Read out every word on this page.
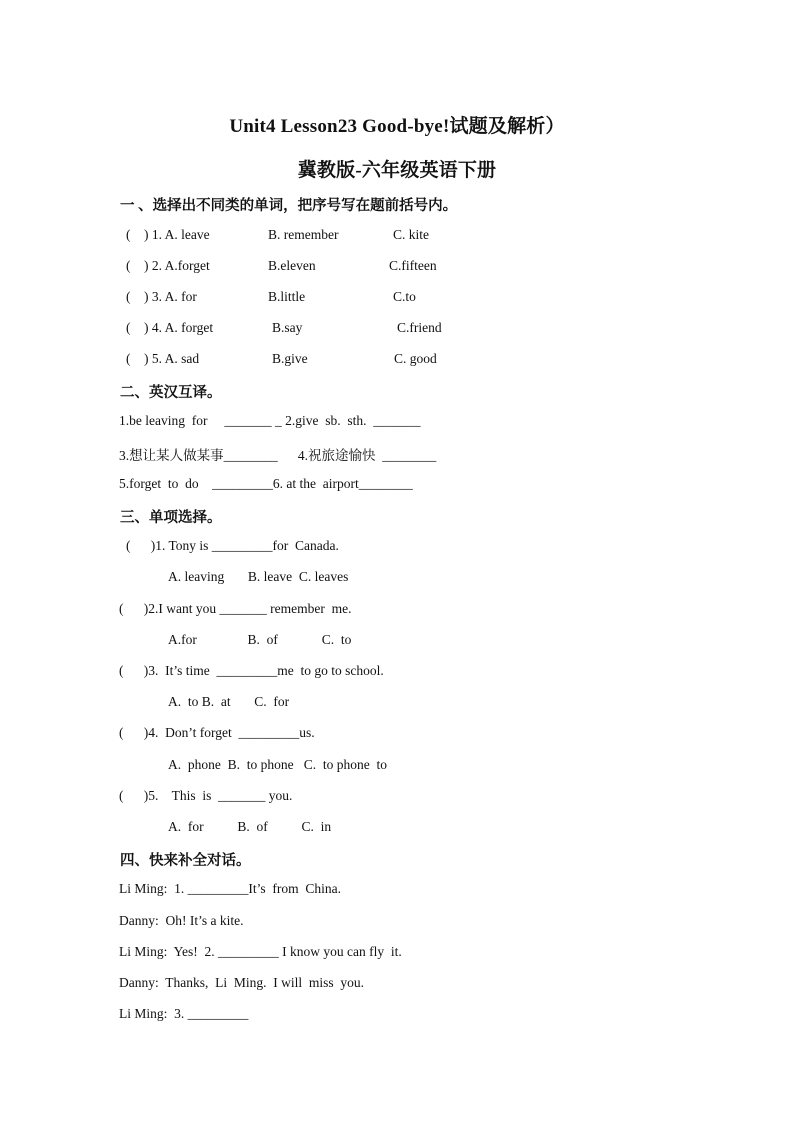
Unit4 Lesson23 Good-bye!试题及解析）
冀教版-六年级英语下册
一 、选择出不同类的单词，把序号写在题前括号内。
(    ) 1. A. leave	B. remember	C. kite
(    ) 2. A.forget	B.eleven	C.fifteen
(    ) 3. A. for	B.little	C.to
(    ) 4. A. forget	B.say	C.friend
(    ) 5. A. sad	B.give	C. good
二、英汉互译。
1.be leaving  for     _______ _ 2.give  sb.  sth.  _______
3.想让某人做某事________      4.祝旅途愉快  ________
5.forget  to  do    _________6. at the  airport________
三、单项选择。
(      )1. Tony is _________for  Canada.
A. leaving       B. leave  C. leaves
(      )2.I want you _______ remember  me.
A.for               B.  of             C.  to
(      )3.  It’s time  _________me  to go to school.
A.  to B.  at       C.  for
(      )4.  Don’t forget  _________us.
A.  phone  B.  to phone   C.  to phone  to
(      )5.    This  is  _______ you.
A.  for          B.  of          C.  in
四、快来补全对话。
Li Ming:  1. _________It’s  from  China.
Danny:  Oh! It’s a kite.
Li Ming:  Yes!  2. _________ I know you can fly  it.
Danny:  Thanks,  Li  Ming.  I will  miss  you.
Li Ming:  3. _________
